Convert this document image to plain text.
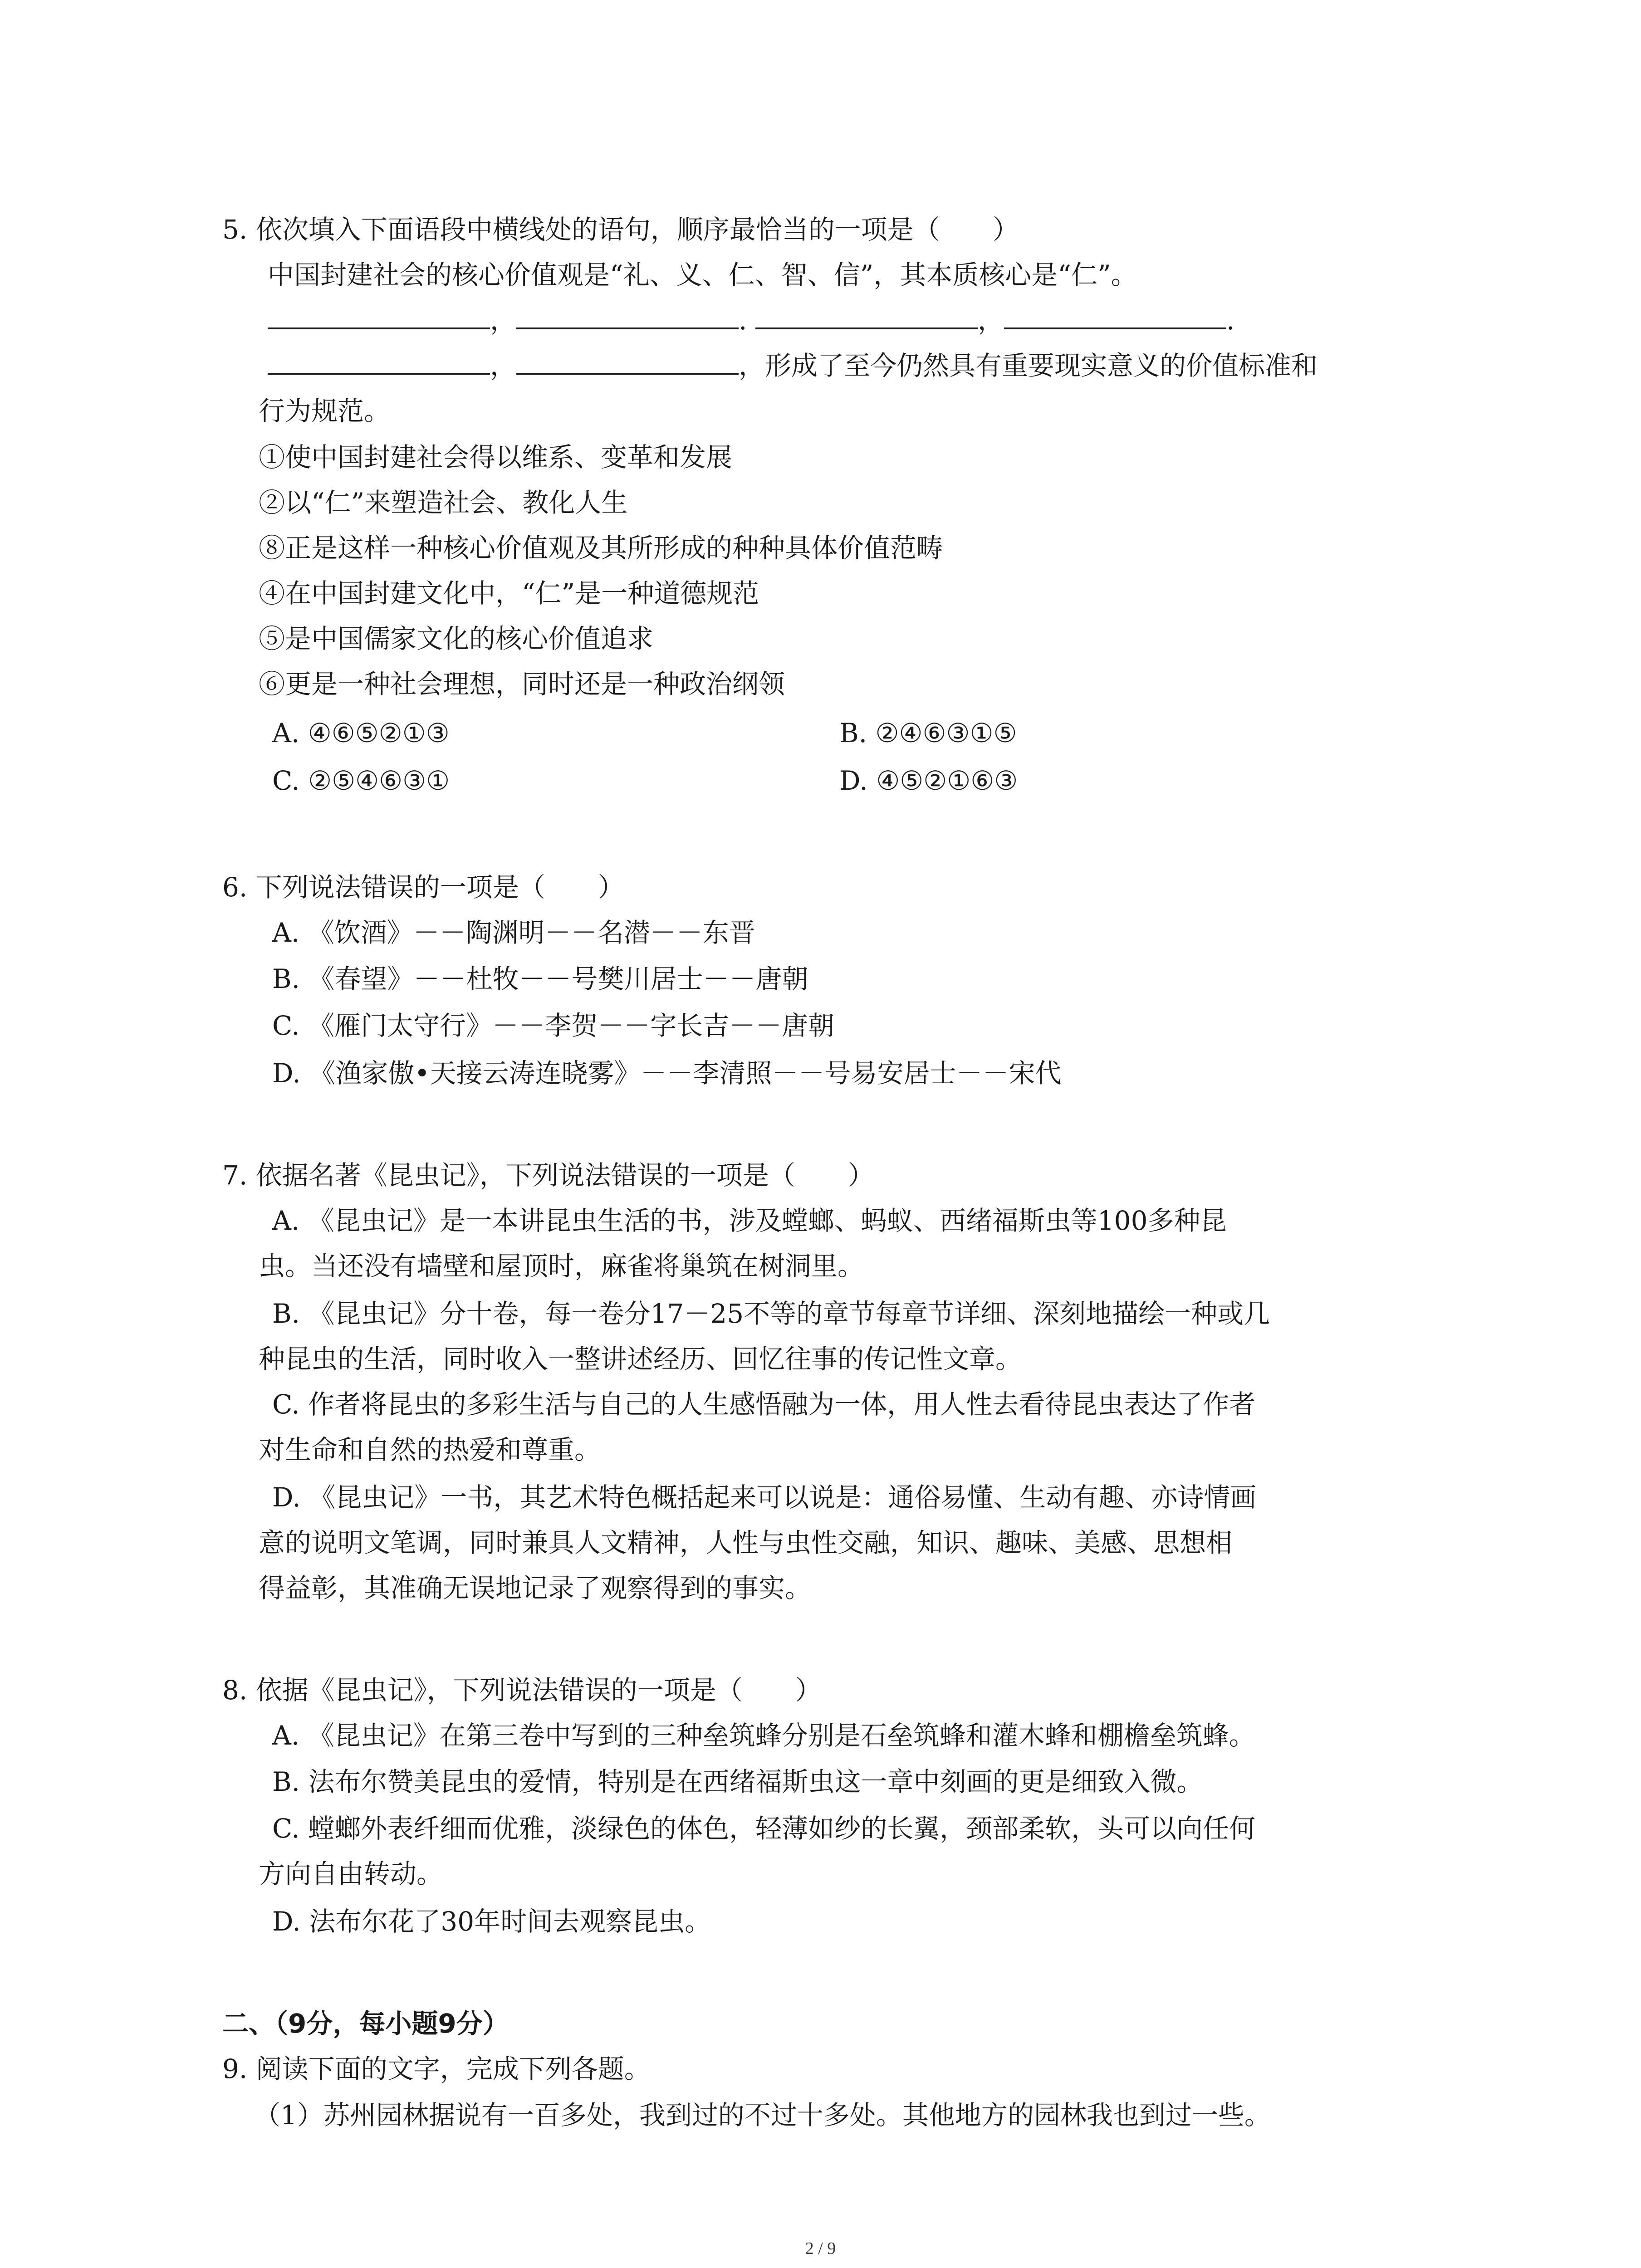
5. 依次填入下面语段中横线处的语句，顺序最恰当的一项是（　　）
中国封建社会的核心价值观是“礼、义、仁、智、信”，其本质核心是“仁”。
，	.	，	.
，	，形成了至今仍然具有重要现实意义的价值标准和
行为规范。
①使中国封建社会得以维系、变革和发展
②以“仁”来塑造社会、教化人生
⑧正是这样一种核心价值观及其所形成的种种具体价值范畴
④在中国封建文化中，“仁”是一种道德规范
⑤是中国儒家文化的核心价值追求
⑥更是一种社会理想，同时还是一种政治纲领
A. ④⑥⑤②①③	B. ②④⑥③①⑤
C. ②⑤④⑥③①	D. ④⑤②①⑥③
6. 下列说法错误的一项是（　　）
A. 《饮酒》－－陶渊明－－名潜－－东晋
B. 《春望》－－杜牧－－号樊川居士－－唐朝
C. 《雁门太守行》－－李贺－－字长吉－－唐朝
D. 《渔家傲•天接云涛连晓雾》－－李清照－－号易安居士－－宋代
7. 依据名著《昆虫记》，下列说法错误的一项是（　　）
A. 《昆虫记》是一本讲昆虫生活的书，涉及螳螂、蚂蚁、西绪福斯虫等100多种昆
虫。当还没有墙壁和屋顶时，麻雀将巢筑在树洞里。
B. 《昆虫记》分十卷，每一卷分17－25不等的章节每章节详细、深刻地描绘一种或几
种昆虫的生活，同时收入一整讲述经历、回忆往事的传记性文章。
C. 作者将昆虫的多彩生活与自己的人生感悟融为一体，用人性去看待昆虫表达了作者
对生命和自然的热爱和尊重。
D. 《昆虫记》一书，其艺术特色概括起来可以说是：通俗易懂、生动有趣、亦诗情画
意的说明文笔调，同时兼具人文精神，人性与虫性交融，知识、趣味、美感、思想相
得益彰，其准确无误地记录了观察得到的事实。
8. 依据《昆虫记》，下列说法错误的一项是（　　）
A. 《昆虫记》在第三卷中写到的三种垒筑蜂分别是石垒筑蜂和灌木蜂和棚檐垒筑蜂。
B. 法布尔赞美昆虫的爱情，特别是在西绪福斯虫这一章中刻画的更是细致入微。
C. 螳螂外表纤细而优雅，淡绿色的体色，轻薄如纱的长翼，颈部柔软，头可以向任何
方向自由转动。
D. 法布尔花了30年时间去观察昆虫。
二、（9分，每小题9分）
9. 阅读下面的文字，完成下列各题。
（1）苏州园林据说有一百多处，我到过的不过十多处。其他地方的园林我也到过一些。
2 / 9
